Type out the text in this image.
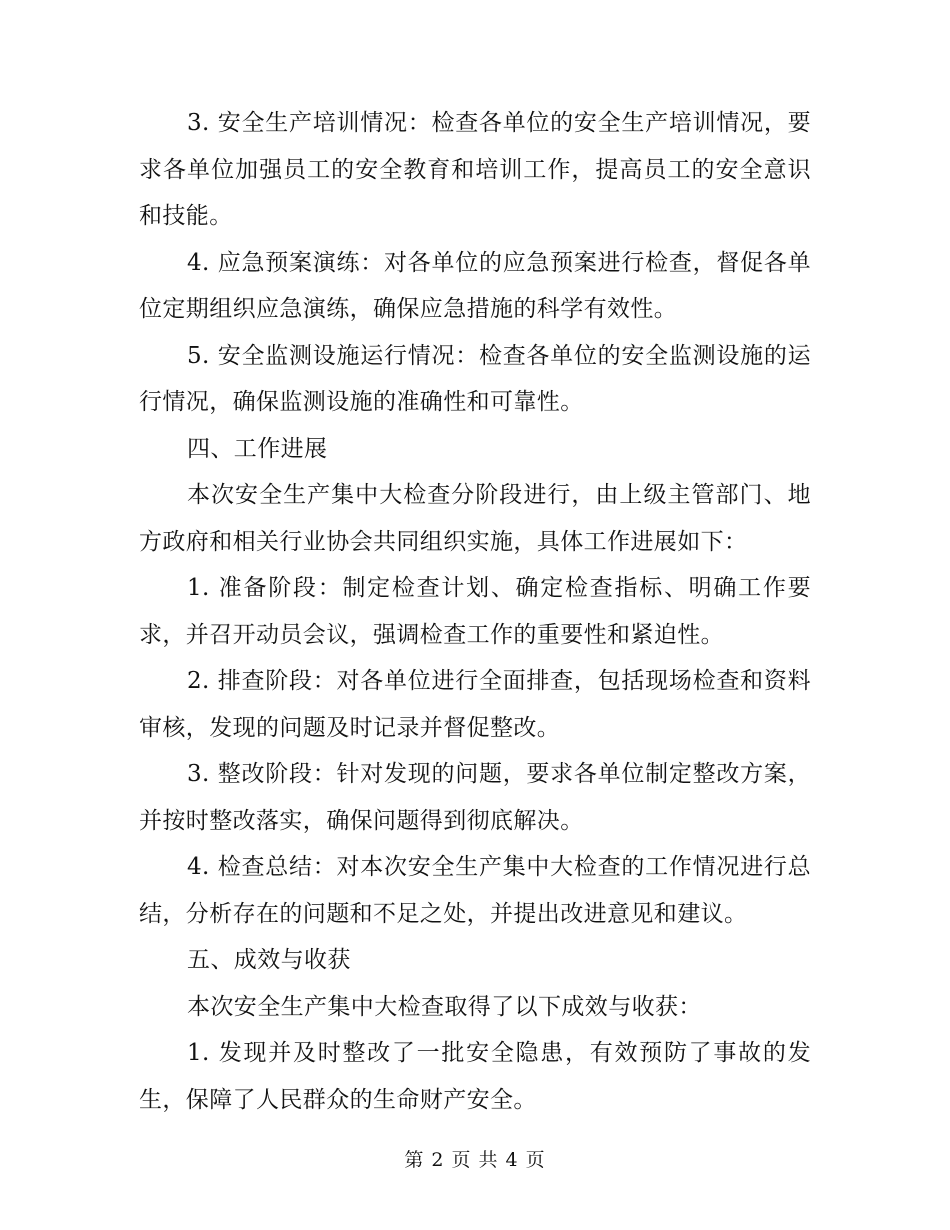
3. 安全生产培训情况：检查各单位的安全生产培训情况，要求各单位加强员工的安全教育和培训工作，提高员工的安全意识和技能。

4. 应急预案演练：对各单位的应急预案进行检查，督促各单位定期组织应急演练，确保应急措施的科学有效性。

5. 安全监测设施运行情况：检查各单位的安全监测设施的运行情况，确保监测设施的准确性和可靠性。

四、工作进展

本次安全生产集中大检查分阶段进行，由上级主管部门、地方政府和相关行业协会共同组织实施，具体工作进展如下：

1. 准备阶段：制定检查计划、确定检查指标、明确工作要求，并召开动员会议，强调检查工作的重要性和紧迫性。

2. 排查阶段：对各单位进行全面排查，包括现场检查和资料审核，发现的问题及时记录并督促整改。

3. 整改阶段：针对发现的问题，要求各单位制定整改方案，并按时整改落实，确保问题得到彻底解决。

4. 检查总结：对本次安全生产集中大检查的工作情况进行总结，分析存在的问题和不足之处，并提出改进意见和建议。

五、成效与收获

本次安全生产集中大检查取得了以下成效与收获：

1. 发现并及时整改了一批安全隐患，有效预防了事故的发生，保障了人民群众的生命财产安全。

第 2 页 共 4 页
